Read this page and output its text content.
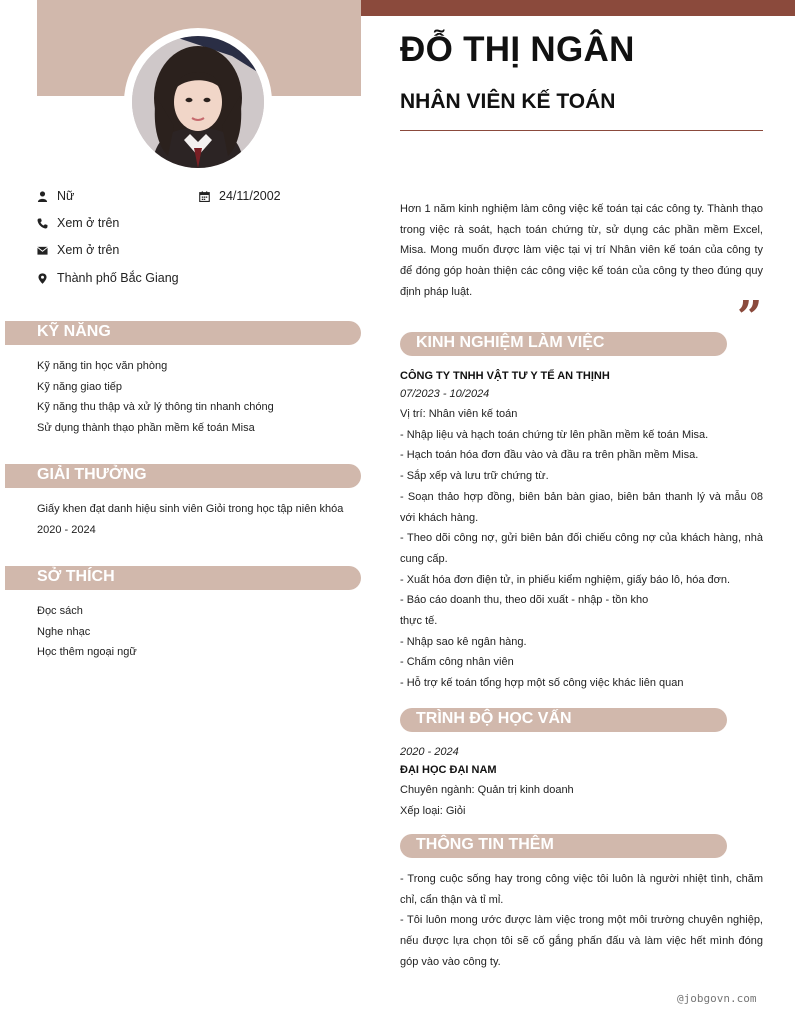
ĐỖ THỊ NGÂN
NHÂN VIÊN KẾ TOÁN
Nữ	24/11/2002
Xem ở trên
Xem ở trên
Thành phố Bắc Giang
Hơn 1 năm kinh nghiệm làm công việc kế toán tại các công ty. Thành thạo trong việc rà soát, hạch toán chứng từ, sử dụng các phần mềm Excel, Misa. Mong muốn được làm việc tại vị trí Nhân viên kế toán của công ty để đóng góp hoàn thiện các công việc kế toán của công ty theo đúng quy định pháp luật.
”
KỸ NĂNG
Kỹ năng tin học văn phòng
Kỹ năng giao tiếp
Kỹ năng thu thập và xử lý thông tin nhanh chóng
Sử dụng thành thạo phần mềm kế toán Misa
GIẢI THƯỞNG
Giấy khen đạt danh hiệu sinh viên Giỏi trong học tập niên khóa 2020 - 2024
SỞ THÍCH
Đọc sách
Nghe nhạc
Học thêm ngoại ngữ
KINH NGHIỆM LÀM VIỆC
CÔNG TY TNHH VẬT TƯ Y TẾ AN THỊNH
07/2023 - 10/2024
Vị trí: Nhân viên kế toán
- Nhập liệu và hạch toán chứng từ lên phần mềm kế toán Misa.
- Hạch toán hóa đơn đầu vào và đầu ra trên phần mềm Misa.
- Sắp xếp và lưu trữ chứng từ.
- Soạn thảo hợp đồng, biên bản bàn giao, biên bản thanh lý và mẫu 08 với khách hàng.
- Theo dõi công nợ, gửi biên bản đối chiếu công nợ của khách hàng, nhà cung cấp.
- Xuất hóa đơn điện tử, in phiếu kiểm nghiệm, giấy báo lô, hóa đơn.
- Báo cáo doanh thu, theo dõi xuất - nhập - tồn kho
thực tế.
- Nhập sao kê ngân hàng.
- Chấm công nhân viên
- Hỗ trợ kế toán tổng hợp một số công việc khác liên quan
TRÌNH ĐỘ HỌC VẤN
2020 - 2024
ĐẠI HỌC ĐẠI NAM
Chuyên ngành: Quản trị kinh doanh
Xếp loại: Giỏi
THÔNG TIN THÊM
- Trong cuộc sống hay trong công việc tôi luôn là người nhiệt tình, chăm chỉ, cẩn thận và tỉ mỉ.
- Tôi luôn mong ước được làm việc trong một môi trường chuyên nghiệp, nếu được lựa chọn tôi sẽ cố gắng phấn đấu và làm việc hết mình đóng góp vào vào công ty.
@jobgovn.com
